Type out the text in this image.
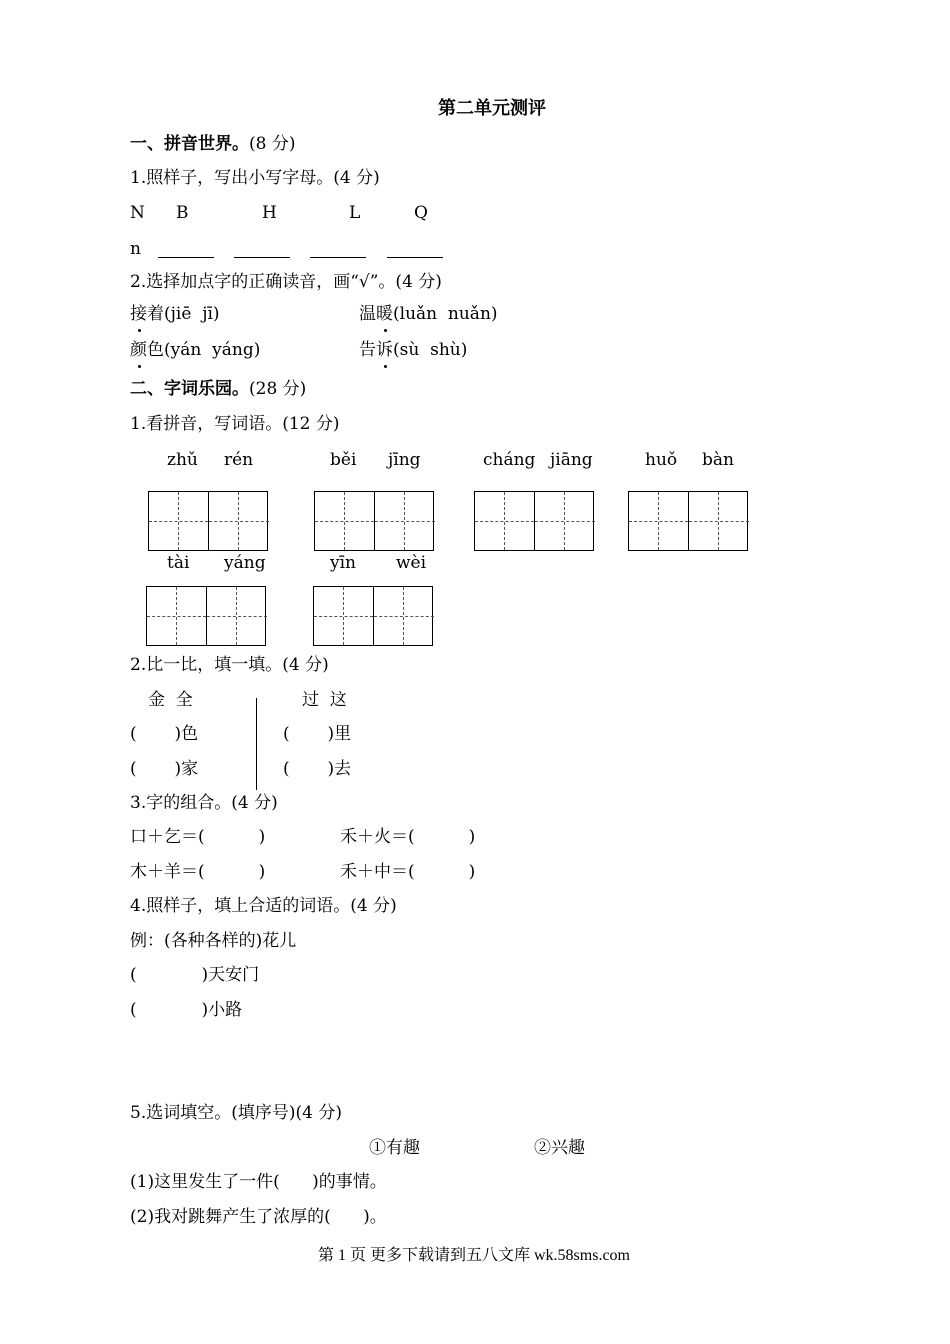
第二单元测评
一、拼音世界。(8 分)
1.照样子，写出小写字母。(4 分)
N B	H	L	Q
n
2.选择加点字的正确读音，画“√”。(4 分)
接着(jiē  jī)	温暖(luǎn  nuǎn)
颜色(yán  yáng)	告诉(sù  shù)
二、字词乐园。(28 分)
1.看拼音，写词语。(12 分)
zhǔ rén	běi jīng	cháng jiāng	huǒ bàn
tài yáng	yīn wèi
2.比一比，填一填。(4 分)
金  全	过  这
(       )色	(       )里
(       )家	(       )去
3.字的组合。(4 分)
口＋乞＝(          )	禾＋火＝(          )
木＋羊＝(          )	禾＋中＝(          )
4.照样子，填上合适的词语。(4 分)
例：(各种各样的)花儿
(            )天安门
(            )小路
5.选词填空。(填序号)(4 分)
①有趣	②兴趣
(1)这里发生了一件(      )的事情。
(2)我对跳舞产生了浓厚的(      )。
第 1 页 更多下载请到五八文库 wk.58sms.com
